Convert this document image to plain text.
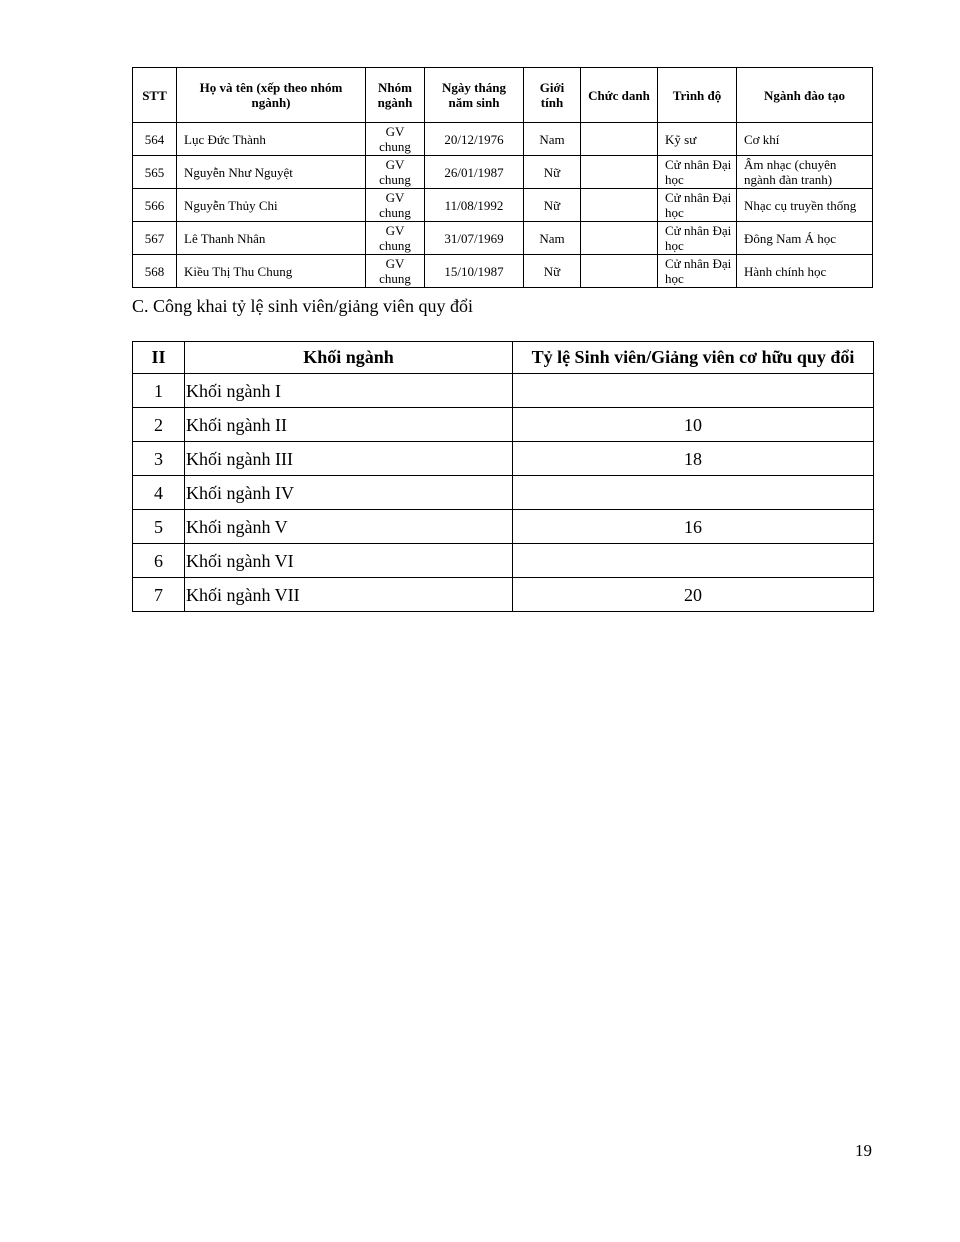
STT	Họ và tên (xếp theo nhóm ngành)	Nhóm ngành	Ngày tháng năm sinh	Giới tính	Chức danh	Trình độ	Ngành đào tạo
564	Lục Đức Thành	GV chung	20/12/1976	Nam		Kỹ sư	Cơ khí
565	Nguyễn Như Nguyệt	GV chung	26/01/1987	Nữ		Cử nhân Đại học	Âm nhạc (chuyên ngành đàn tranh)
566	Nguyễn Thủy Chi	GV chung	11/08/1992	Nữ		Cử nhân Đại học	Nhạc cụ truyền thống
567	Lê Thanh Nhân	GV chung	31/07/1969	Nam		Cử nhân Đại học	Đông Nam Á học
568	Kiều Thị Thu Chung	GV chung	15/10/1987	Nữ		Cử nhân Đại học	Hành chính học
C. Công khai tỷ lệ sinh viên/giảng viên quy đổi
II	Khối ngành	Tỷ lệ Sinh viên/Giảng viên cơ hữu quy đổi
1	Khối ngành I	
2	Khối ngành II	10
3	Khối ngành III	18
4	Khối ngành IV	
5	Khối ngành V	16
6	Khối ngành VI	
7	Khối ngành VII	20
19
